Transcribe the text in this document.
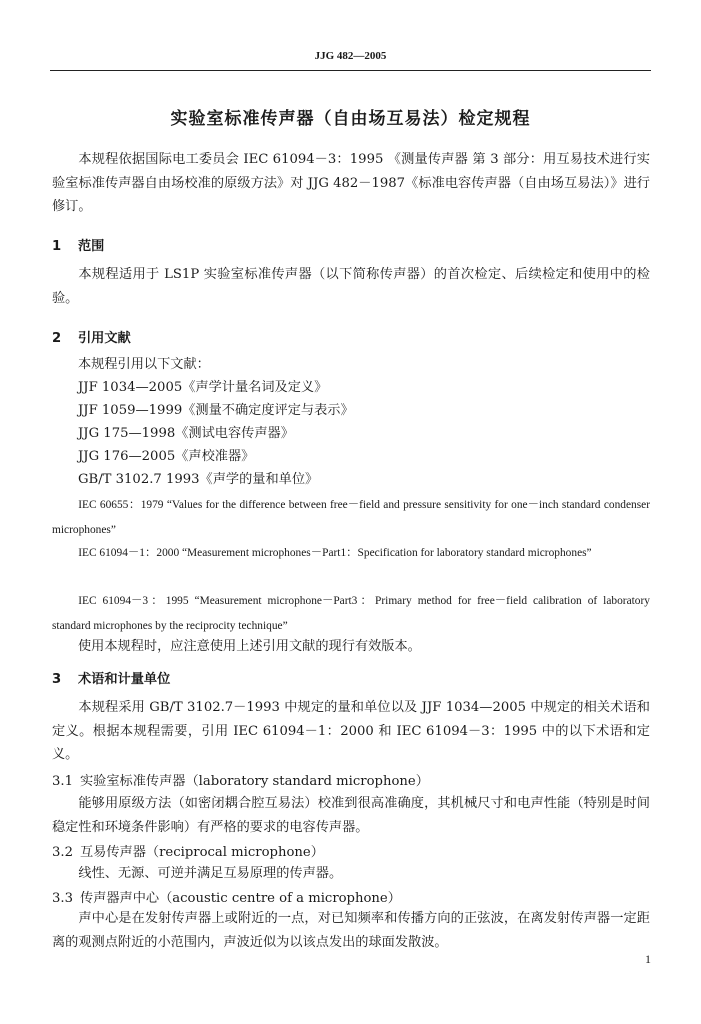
JJG 482—2005
实验室标准传声器（自由场互易法）检定规程
本规程依据国际电工委员会 IEC 61094－3：1995 《测量传声器 第 3 部分：用互易技术进行实验室标准传声器自由场校准的原级方法》对 JJG 482－1987《标准电容传声器（自由场互易法）》进行修订。
1 范围
本规程适用于 LS1P 实验室标准传声器（以下简称传声器）的首次检定、后续检定和使用中的检验。
2 引用文献
本规程引用以下文献：
JJF 1034—2005《声学计量名词及定义》
JJF 1059—1999《测量不确定度评定与表示》
JJG 175—1998《测试电容传声器》
JJG 176—2005《声校准器》
GB/T 3102.7 1993《声学的量和单位》
IEC 60655：1979 “Values for the difference between free－field and pressure sensitivity for one－inch standard condenser microphones”
IEC 61094－1：2000 “Measurement microphones－Part1：Specification for laboratory standard microphones”
IEC 61094－3：1995 “Measurement microphone－Part3：Primary method for free－field calibration of laboratory standard microphones by the reciprocity technique”
使用本规程时，应注意使用上述引用文献的现行有效版本。
3 术语和计量单位
本规程采用 GB/T 3102.7－1993 中规定的量和单位以及 JJF 1034—2005 中规定的相关术语和定义。根据本规程需要，引用 IEC 61094－1：2000 和 IEC 61094－3：1995 中的以下术语和定义。
3.1 实验室标准传声器（laboratory standard microphone）
能够用原级方法（如密闭耦合腔互易法）校准到很高准确度，其机械尺寸和电声性能（特别是时间稳定性和环境条件影响）有严格的要求的电容传声器。
3.2 互易传声器（reciprocal microphone）
线性、无源、可逆并满足互易原理的传声器。
3.3 传声器声中心（acoustic centre of a microphone）
声中心是在发射传声器上或附近的一点，对已知频率和传播方向的正弦波，在离发射传声器一定距离的观测点附近的小范围内，声波近似为以该点发出的球面发散波。
1
